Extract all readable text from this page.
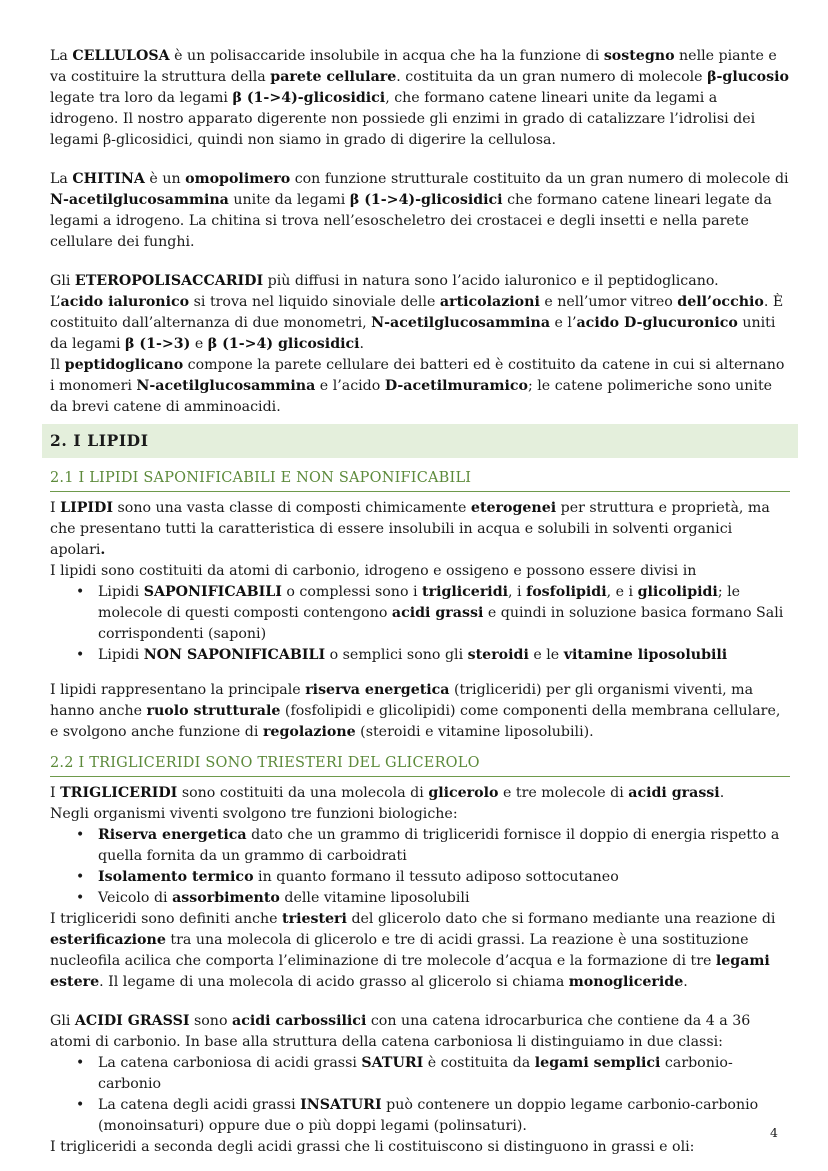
La CELLULOSA è un polisaccaride insolubile in acqua che ha la funzione di sostegno nelle piante e va costituire la struttura della parete cellulare. costituita da un gran numero di molecole β-glucosio legate tra loro da legami β (1->4)-glicosidici, che formano catene lineari unite da legami a idrogeno. Il nostro apparato digerente non possiede gli enzimi in grado di catalizzare l’idrolisi dei legami β-glicosidici, quindi non siamo in grado di digerire la cellulosa.

La CHITINA è un omopolimero con funzione strutturale costituito da un gran numero di molecole di N-acetilglucosammina unite da legami β (1->4)-glicosidici che formano catene lineari legate da legami a idrogeno. La chitina si trova nell’esoscheletro dei crostacei e degli insetti e nella parete cellulare dei funghi.

Gli ETEROPOLISACCARIDI più diffusi in natura sono l’acido ialuronico e il peptidoglicano.

L’acido ialuronico si trova nel liquido sinoviale delle articolazioni e nell’umor vitreo dell’occhio. È costituito dall’alternanza di due monometri, N-acetilglucosammina e l’acido D-glucuronico uniti da legami β (1->3) e β (1->4) glicosidici.

Il peptidoglicano compone la parete cellulare dei batteri ed è costituito da catene in cui si alternano i monomeri N-acetilglucosammina e l’acido D-acetilmuramico; le catene polimeriche sono unite da brevi catene di amminoacidi.

2. I LIPIDI
2.1 I LIPIDI SAPONIFICABILI E NON SAPONIFICABILI

I LIPIDI sono una vasta classe di composti chimicamente eterogenei per struttura e proprietà, ma che presentano tutti la caratteristica di essere insolubili in acqua e solubili in solventi organici apolari.

I lipidi sono costituiti da atomi di carbonio, idrogeno e ossigeno e possono essere divisi in

• Lipidi SAPONIFICABILI o complessi sono i trigliceridi, i fosfolipidi, e i glicolipidi; le molecole di questi composti contengono acidi grassi e quindi in soluzione basica formano Sali corrispondenti (saponi)
• Lipidi NON SAPONIFICABILI o semplici sono gli steroidi e le vitamine liposolubili

I lipidi rappresentano la principale riserva energetica (trigliceridi) per gli organismi viventi, ma hanno anche ruolo strutturale (fosfolipidi e glicolipidi) come componenti della membrana cellulare, e svolgono anche funzione di regolazione (steroidi e vitamine liposolubili).

2.2 I TRIGLICERIDI SONO TRIESTERI DEL GLICEROLO

I TRIGLICERIDI sono costituiti da una molecola di glicerolo e tre molecole di acidi grassi.

Negli organismi viventi svolgono tre funzioni biologiche:

• Riserva energetica dato che un grammo di trigliceridi fornisce il doppio di energia rispetto a quella fornita da un grammo di carboidrati
• Isolamento termico in quanto formano il tessuto adiposo sottocutaneo
• Veicolo di assorbimento delle vitamine liposolubili

I trigliceridi sono definiti anche triesteri del glicerolo dato che si formano mediante una reazione di esterificazione tra una molecola di glicerolo e tre di acidi grassi. La reazione è una sostituzione nucleofila acilica che comporta l’eliminazione di tre molecole d’acqua e la formazione di tre legami estere. Il legame di una molecola di acido grasso al glicerolo si chiama monogliceride.

Gli ACIDI GRASSI sono acidi carbossilici con una catena idrocarburica che contiene da 4 a 36 atomi di carbonio. In base alla struttura della catena carboniosa li distinguiamo in due classi:

• La catena carboniosa di acidi grassi SATURI è costituita da legami semplici carbonio-carbonio
• La catena degli acidi grassi INSATURI può contenere un doppio legame carbonio-carbonio (monoinsaturi) oppure due o più doppi legami (polinsaturi).

I trigliceridi a seconda degli acidi grassi che li costituiscono si distinguono in grassi e oli:

4
